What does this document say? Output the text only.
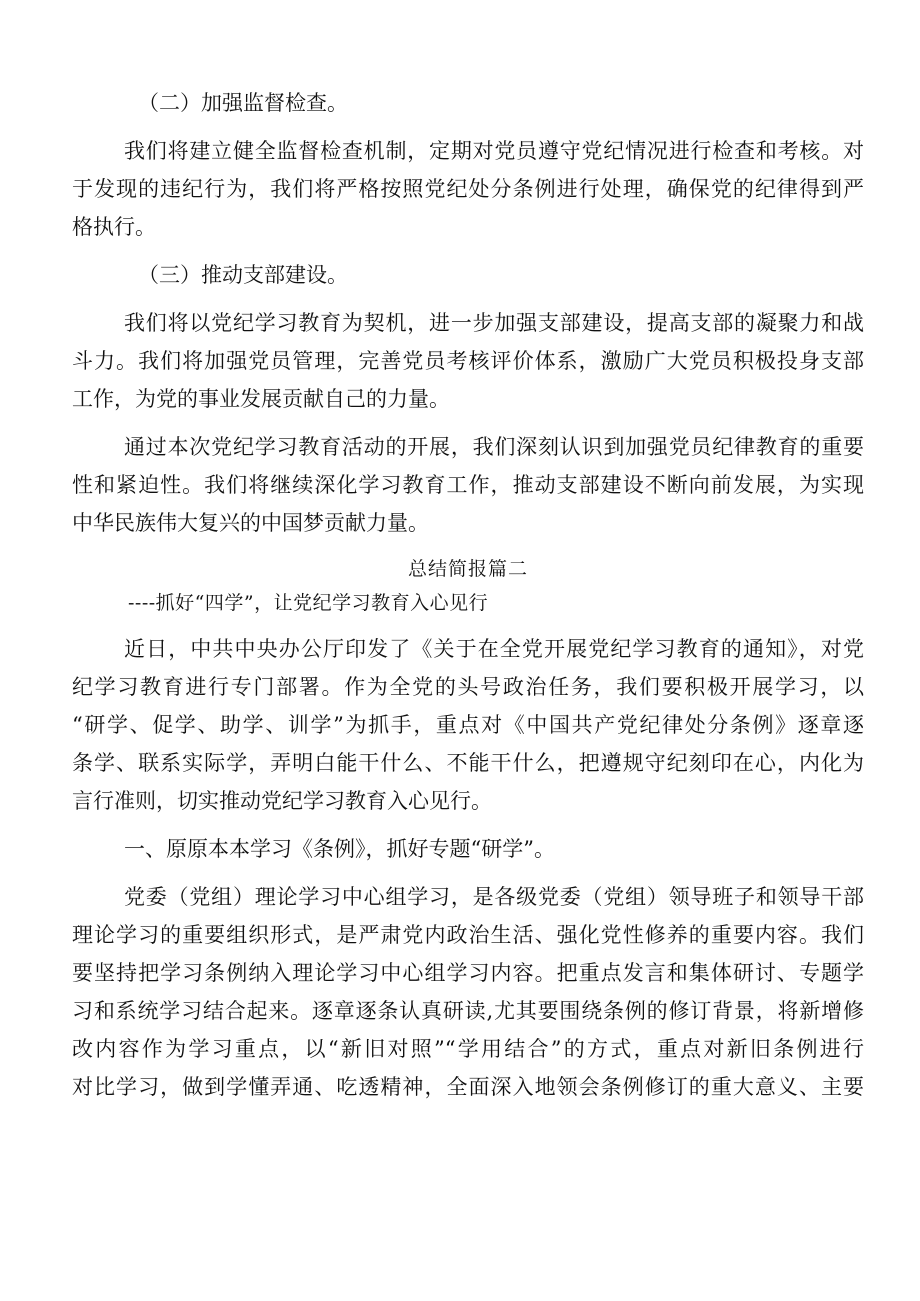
（二）加强监督检查。
我们将建立健全监督检查机制，定期对党员遵守党纪情况进行检查和考核。对
于发现的违纪行为，我们将严格按照党纪处分条例进行处理，确保党的纪律得到严
格执行。
（三）推动支部建设。
我们将以党纪学习教育为契机，进一步加强支部建设，提高支部的凝聚力和战
斗力。我们将加强党员管理，完善党员考核评价体系，激励广大党员积极投身支部
工作，为党的事业发展贡献自己的力量。
通过本次党纪学习教育活动的开展，我们深刻认识到加强党员纪律教育的重要
性和紧迫性。我们将继续深化学习教育工作，推动支部建设不断向前发展，为实现
中华民族伟大复兴的中国梦贡献力量。
总结简报篇二
----抓好“四学”，让党纪学习教育入心见行
近日，中共中央办公厅印发了《关于在全党开展党纪学习教育的通知》，对党
纪学习教育进行专门部署。作为全党的头号政治任务，我们要积极开展学习，以
“研学、促学、助学、训学”为抓手，重点对《中国共产党纪律处分条例》逐章逐
条学、联系实际学，弄明白能干什么、不能干什么，把遵规守纪刻印在心，内化为
言行准则，切实推动党纪学习教育入心见行。
一、原原本本学习《条例》，抓好专题“研学”。
党委（党组）理论学习中心组学习，是各级党委（党组）领导班子和领导干部
理论学习的重要组织形式，是严肃党内政治生活、强化党性修养的重要内容。我们
要坚持把学习条例纳入理论学习中心组学习内容。把重点发言和集体研讨、专题学
习和系统学习结合起来。逐章逐条认真研读,尤其要围绕条例的修订背景，将新增修
改内容作为学习重点，以“新旧对照”“学用结合”的方式，重点对新旧条例进行
对比学习，做到学懂弄通、吃透精神，全面深入地领会条例修订的重大意义、主要
